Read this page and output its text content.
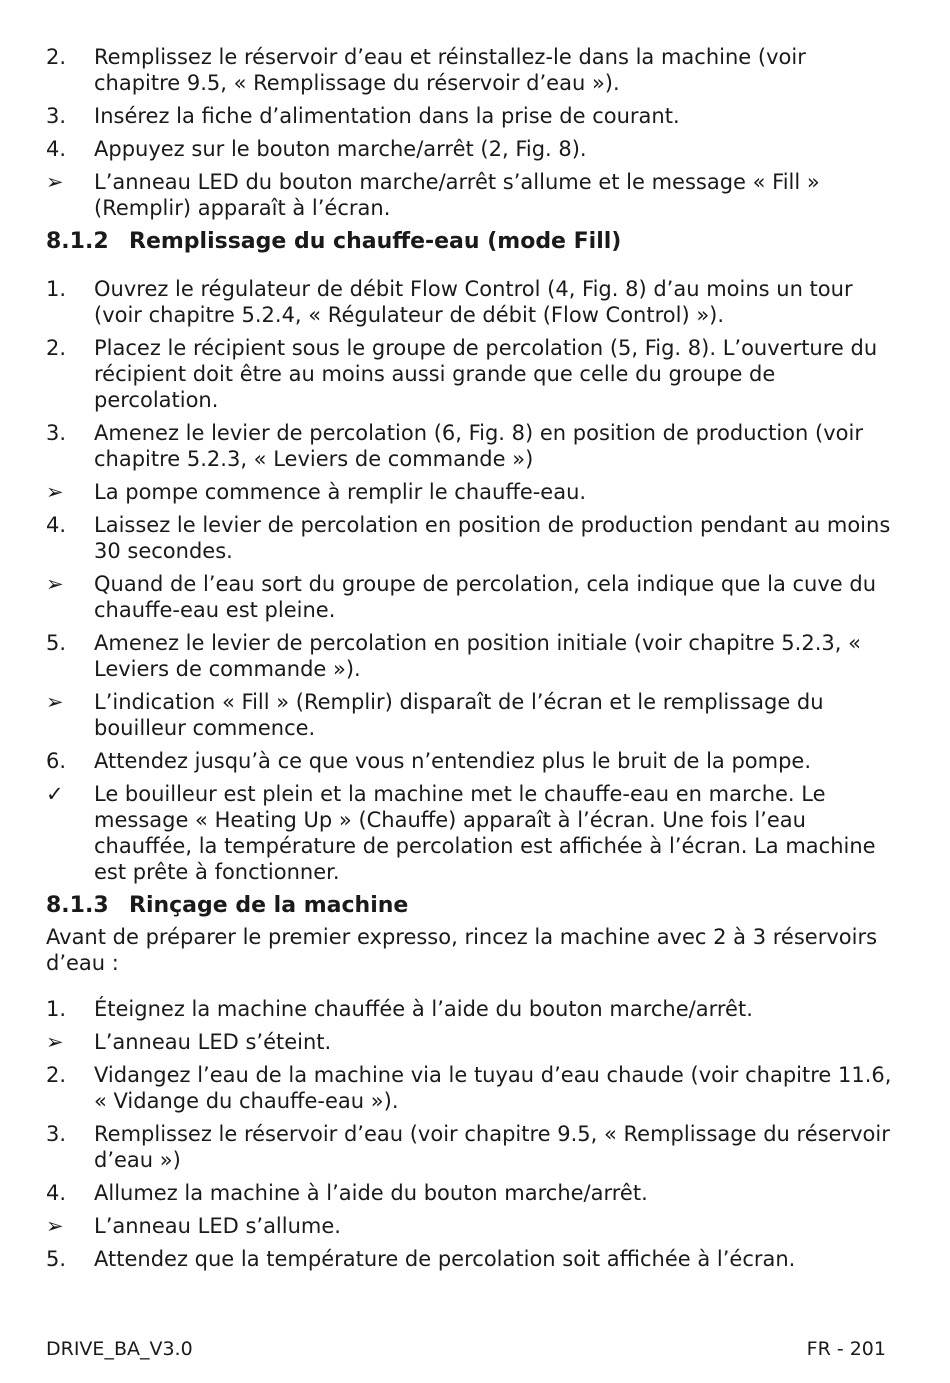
2.	Remplissez le réservoir d’eau et réinstallez-le dans la machine (voir chapitre 9.5, « Remplissage du réservoir d’eau »).
3.	Insérez la fiche d’alimentation dans la prise de courant.
4.	Appuyez sur le bouton marche/arrêt (2, Fig. 8).
➢	L’anneau LED du bouton marche/arrêt s’allume et le message « Fill » (Remplir) apparaît à l’écran.
8.1.2 Remplissage du chauffe-eau (mode Fill)
1.	Ouvrez le régulateur de débit Flow Control (4, Fig. 8) d’au moins un tour (voir chapitre 5.2.4, « Régulateur de débit (Flow Control) »).
2.	Placez le récipient sous le groupe de percolation (5, Fig. 8). L’ouverture du récipient doit être au moins aussi grande que celle du groupe de percolation.
3.	Amenez le levier de percolation (6, Fig. 8) en position de production (voir chapitre 5.2.3, « Leviers de commande »)
➢	La pompe commence à remplir le chauffe-eau.
4.	Laissez le levier de percolation en position de production pendant au moins 30 secondes.
➢	Quand de l’eau sort du groupe de percolation, cela indique que la cuve du chauffe-eau est pleine.
5.	Amenez le levier de percolation en position initiale (voir chapitre 5.2.3, « Leviers de commande »).
➢	L’indication « Fill » (Remplir) disparaît de l’écran et le remplissage du bouilleur commence.
6.	Attendez jusqu’à ce que vous n’entendiez plus le bruit de la pompe.
✓	Le bouilleur est plein et la machine met le chauffe-eau en marche. Le message « Heating Up » (Chauffe) apparaît à l’écran. Une fois l’eau chauffée, la température de percolation est affichée à l’écran. La machine est prête à fonctionner.
8.1.3 Rinçage de la machine

Avant de préparer le premier expresso, rincez la machine avec 2 à 3 réservoirs d’eau :

1.	Éteignez la machine chauffée à l’aide du bouton marche/arrêt.
➢	L’anneau LED s’éteint.
2.	Vidangez l’eau de la machine via le tuyau d’eau chaude (voir chapitre 11.6, « Vidange du chauffe-eau »).
3.	Remplissez le réservoir d’eau (voir chapitre 9.5, « Remplissage du réservoir d’eau »)
4.	Allumez la machine à l’aide du bouton marche/arrêt.
➢	L’anneau LED s’allume.
5.	Attendez que la température de percolation soit affichée à l’écran.
DRIVE_BA_V3.0	FR - 201
